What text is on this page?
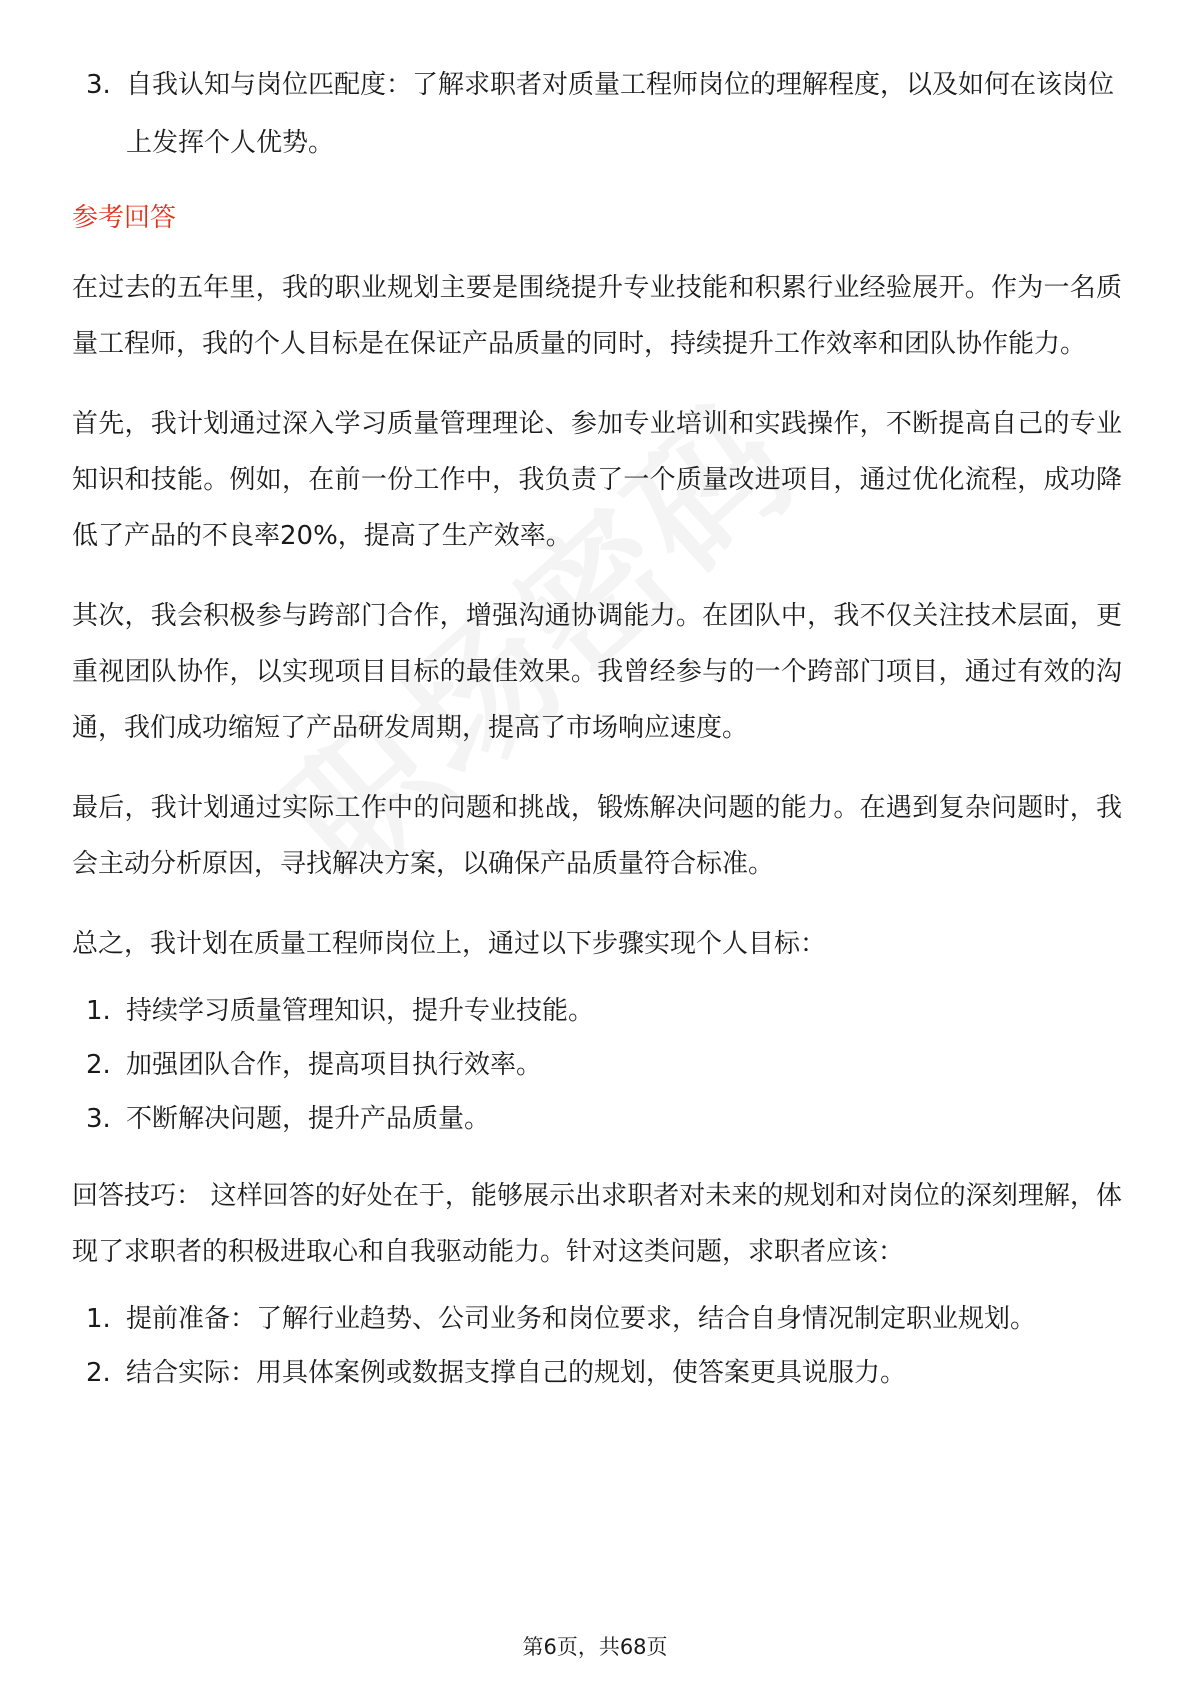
3. 自我认知与岗位匹配度：了解求职者对质量工程师岗位的理解程度，以及如何在该岗位上发挥个人优势。
参考回答

在过去的五年里，我的职业规划主要是围绕提升专业技能和积累行业经验展开。作为一名质量工程师，我的个人目标是在保证产品质量的同时，持续提升工作效率和团队协作能力。

首先，我计划通过深入学习质量管理理论、参加专业培训和实践操作，不断提高自己的专业知识和技能。例如，在前一份工作中，我负责了一个质量改进项目，通过优化流程，成功降低了产品的不良率20%，提高了生产效率。

其次，我会积极参与跨部门合作，增强沟通协调能力。在团队中，我不仅关注技术层面，更重视团队协作，以实现项目目标的最佳效果。我曾经参与的一个跨部门项目，通过有效的沟通，我们成功缩短了产品研发周期，提高了市场响应速度。

最后，我计划通过实际工作中的问题和挑战，锻炼解决问题的能力。在遇到复杂问题时，我会主动分析原因，寻找解决方案，以确保产品质量符合标准。

总之，我计划在质量工程师岗位上，通过以下步骤实现个人目标：

1. 持续学习质量管理知识，提升专业技能。
2. 加强团队合作，提高项目执行效率。
3. 不断解决问题，提升产品质量。

回答技巧： 这样回答的好处在于，能够展示出求职者对未来的规划和对岗位的深刻理解，体现了求职者的积极进取心和自我驱动能力。针对这类问题，求职者应该：

1. 提前准备：了解行业趋势、公司业务和岗位要求，结合自身情况制定职业规划。
2. 结合实际：用具体案例或数据支撑自己的规划，使答案更具说服力。
第6页，共68页
